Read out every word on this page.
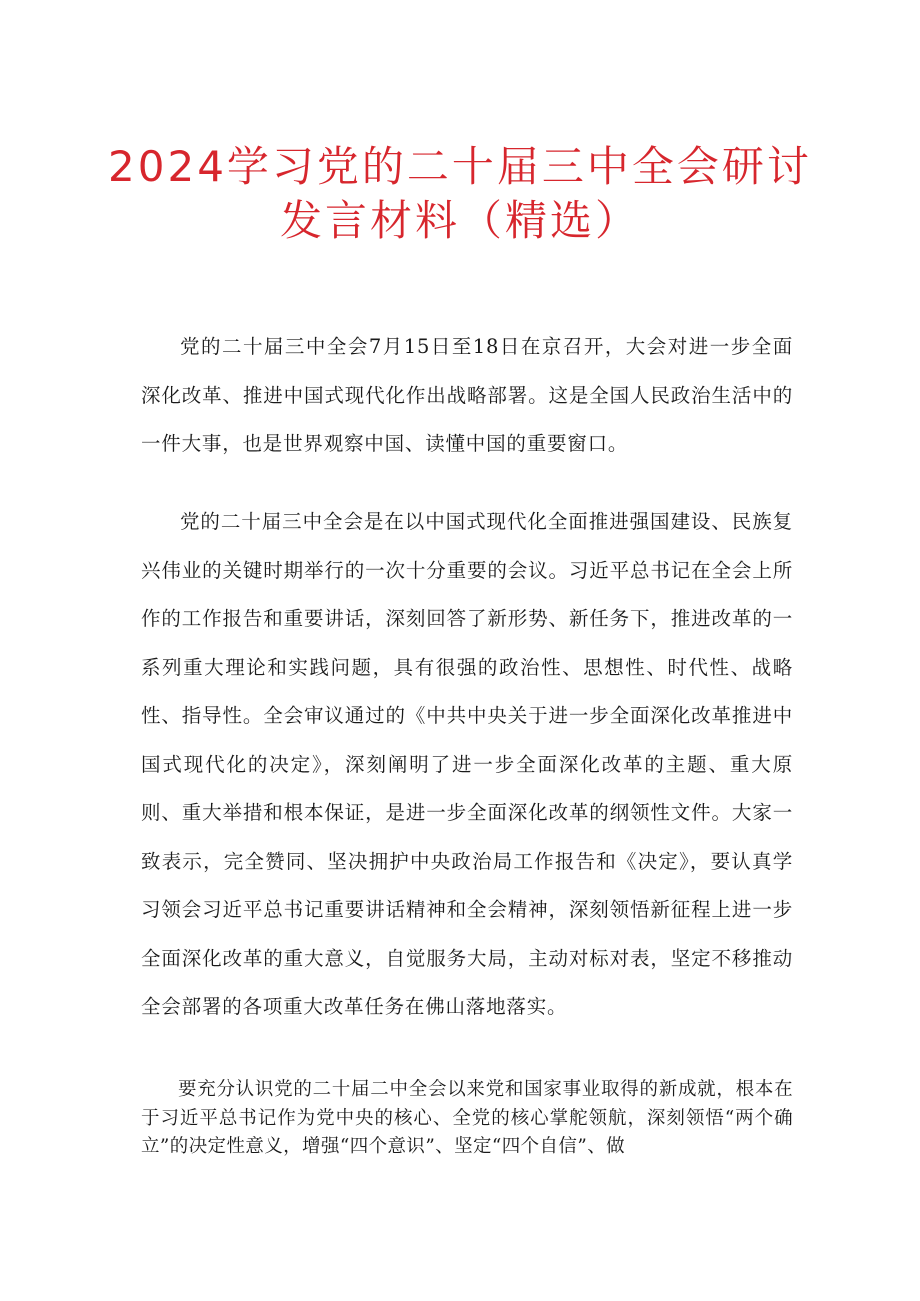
2024学习党的二十届三中全会研讨
发言材料（精选）

党的二十届三中全会7月15日至18日在京召开，大会对进一步全面深化改革、推进中国式现代化作出战略部署。这是全国人民政治生活中的一件大事，也是世界观察中国、读懂中国的重要窗口。

党的二十届三中全会是在以中国式现代化全面推进强国建设、民族复兴伟业的关键时期举行的一次十分重要的会议。习近平总书记在全会上所作的工作报告和重要讲话，深刻回答了新形势、新任务下，推进改革的一系列重大理论和实践问题，具有很强的政治性、思想性、时代性、战略性、指导性。全会审议通过的《中共中央关于进一步全面深化改革推进中国式现代化的决定》，深刻阐明了进一步全面深化改革的主题、重大原则、重大举措和根本保证，是进一步全面深化改革的纲领性文件。大家一致表示，完全赞同、坚决拥护中央政治局工作报告和《决定》，要认真学习领会习近平总书记重要讲话精神和全会精神，深刻领悟新征程上进一步全面深化改革的重大意义，自觉服务大局，主动对标对表，坚定不移推动全会部署的各项重大改革任务在佛山落地落实。

要充分认识党的二十届二中全会以来党和国家事业取得的新成就，根本在于习近平总书记作为党中央的核心、全党的核心掌舵领航，深刻领悟“两个确立”的决定性意义，增强“四个意识”、坚定“四个自信”、做
